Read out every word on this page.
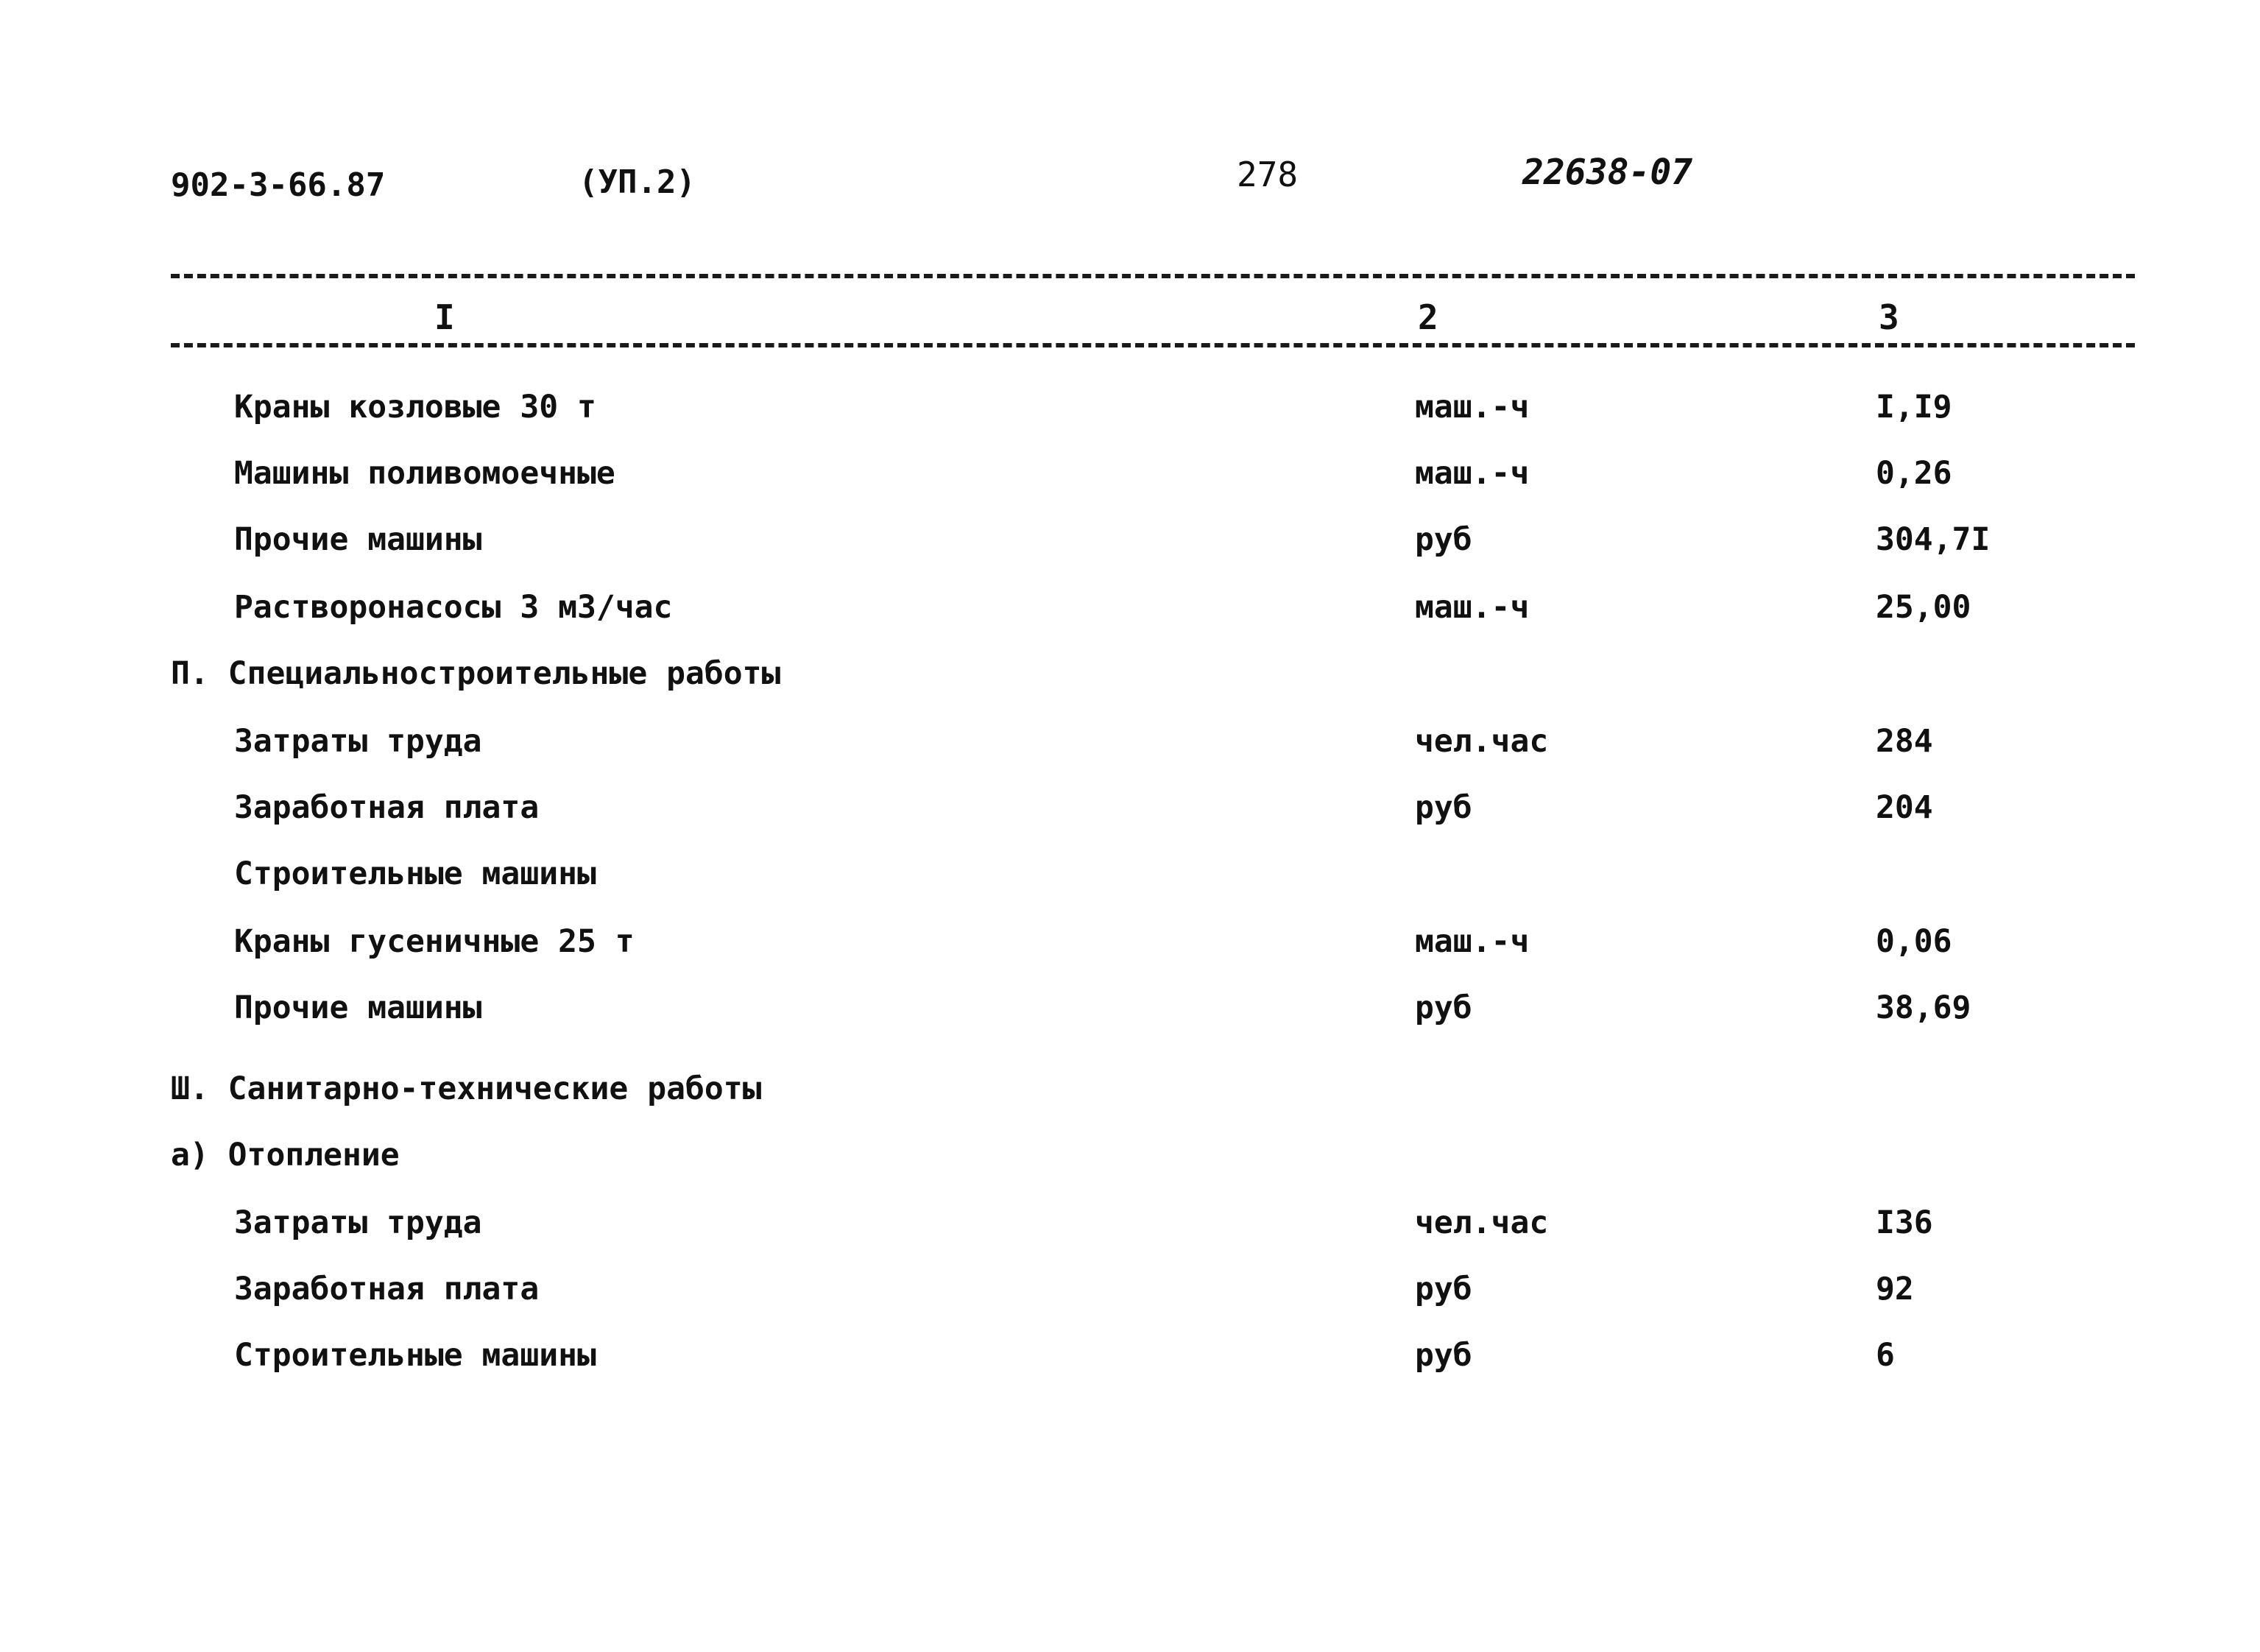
902-3-66.87	(УП.2)	278	22638-07
I	2	3
Краны козловые 30 т	маш.-ч	I,I9
Машины поливомоечные	маш.-ч	0,26
Прочие машины	руб	304,7I
Растворонасосы 3 м3/час	маш.-ч	25,00
П. Специальностроительные работы
Затраты труда	чел.час	284
Заработная плата	руб	204
Строительные машины
Краны гусеничные 25 т	маш.-ч	0,06
Прочие машины	руб	38,69
Ш. Санитарно-технические работы
а) Отопление
Затраты труда	чел.час	I36
Заработная плата	руб	92
Строительные машины	руб	6
